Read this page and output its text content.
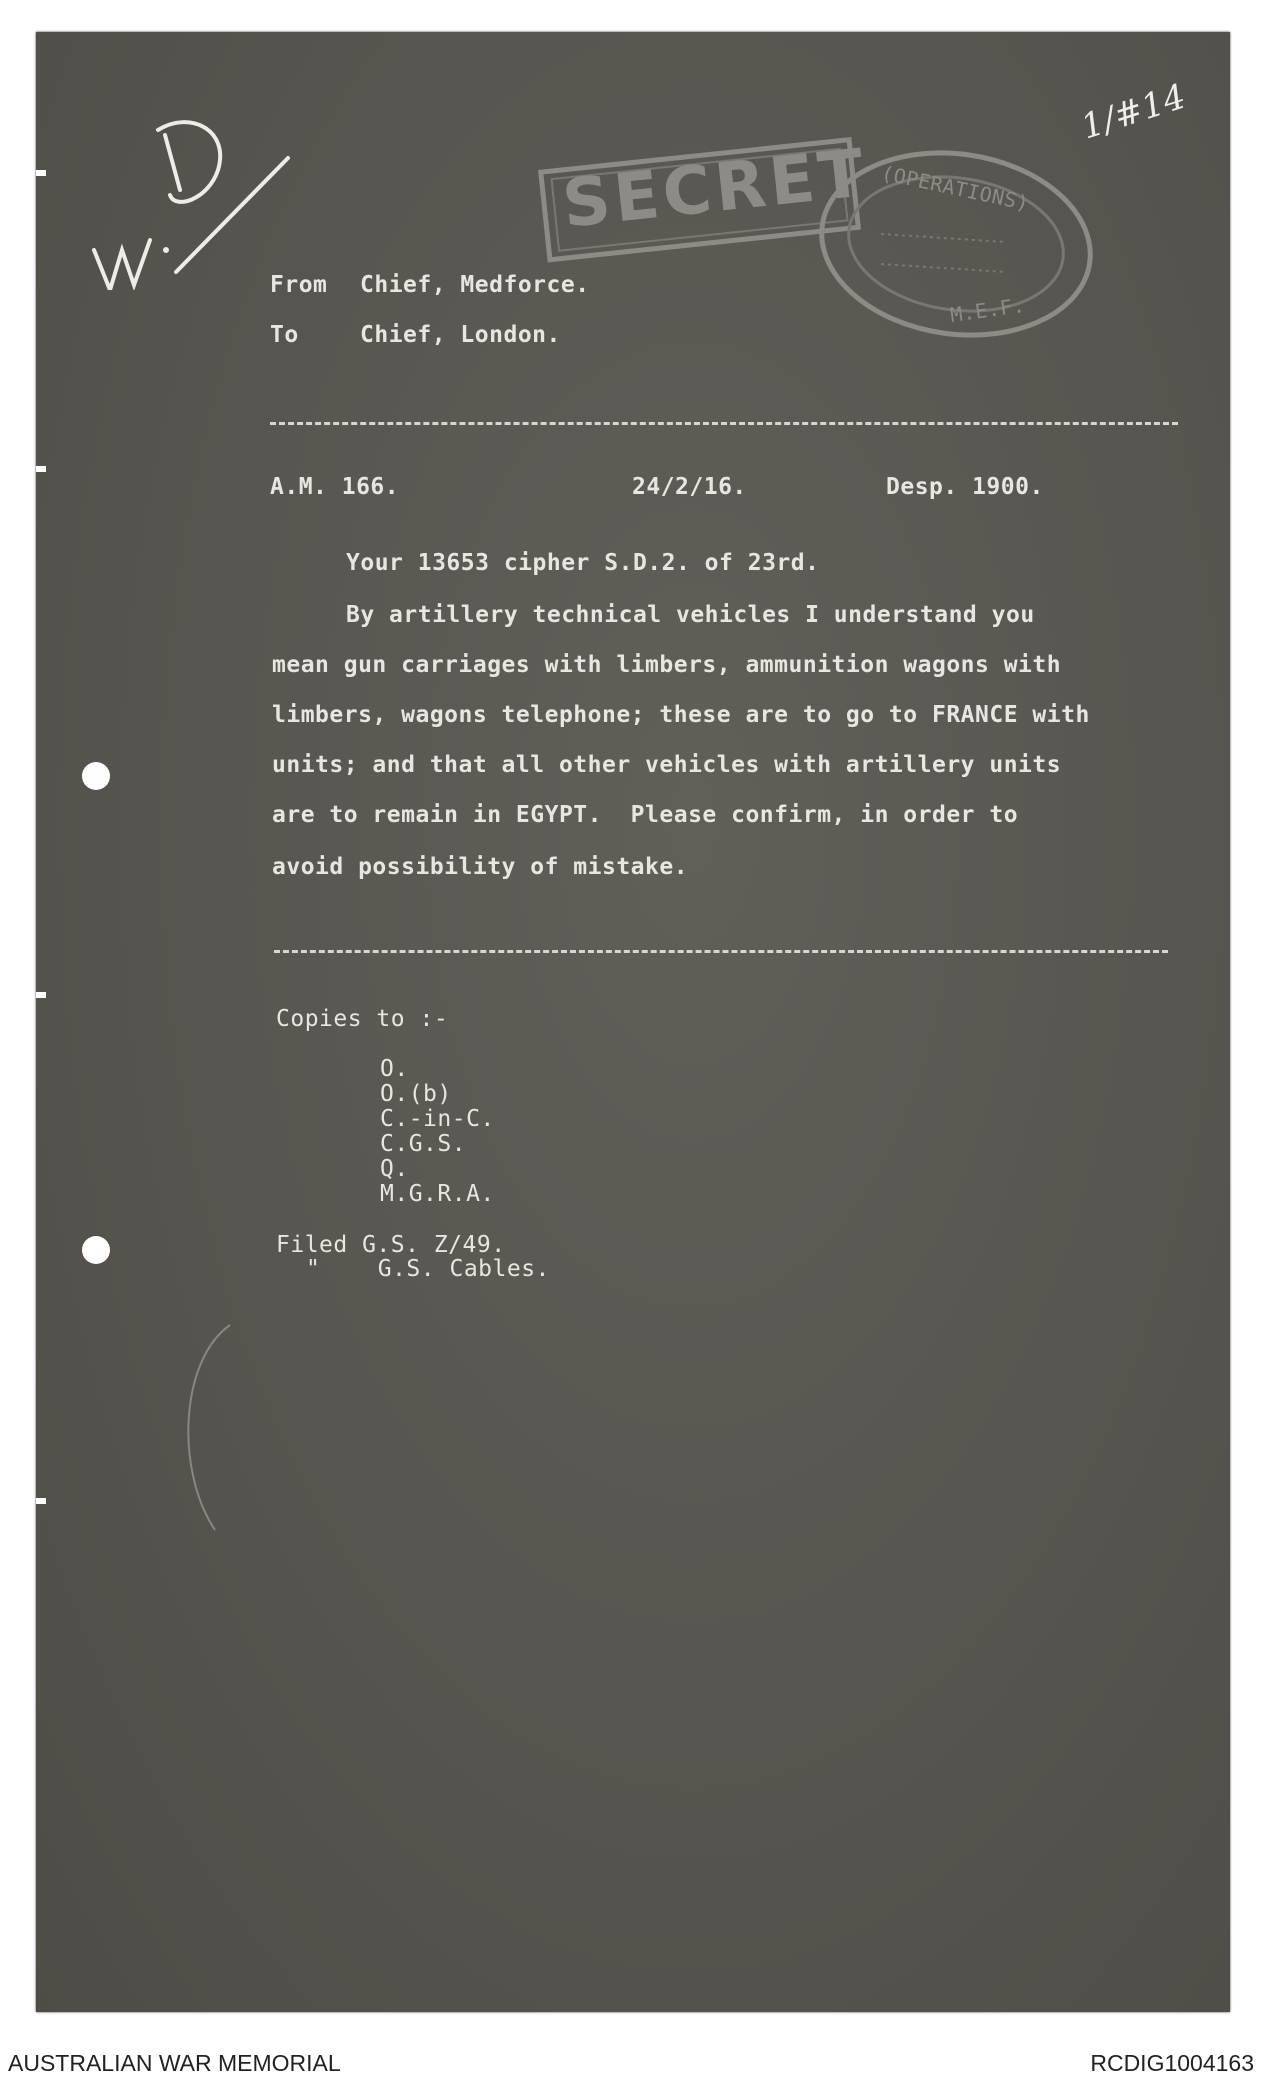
1/#14
SECRET (OPERATIONS)
M.E.F.
From Chief, Medforce.
To	Chief, London.
A.M. 166.	24/2/16.	Desp. 1900.
Your 13653 cipher S.D.2. of 23rd.
By artillery technical vehicles I understand you
mean gun carriages with limbers, ammunition wagons with
limbers, wagons telephone; these are to go to FRANCE with
units; and that all other vehicles with artillery units
are to remain in EGYPT.  Please confirm, in order to
avoid possibility of mistake.
Copies to :-
O.
O.(b)
C.-in-C.
C.G.S.
Q.
M.G.R.A.
Filed G.S. Z/49.
"    G.S. Cables.
AUSTRALIAN WAR MEMORIAL	RCDIG1004163
